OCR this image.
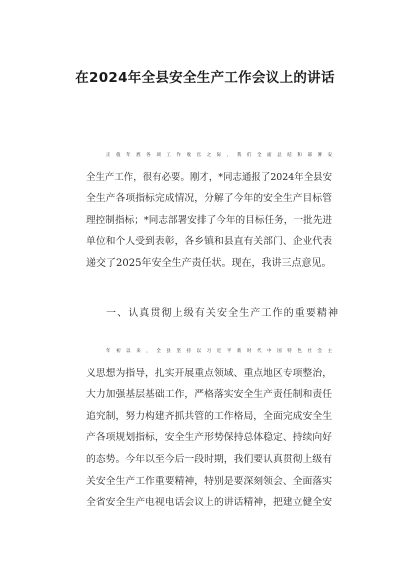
在2024年全县安全生产工作会议上的讲话
正值年底各项工作收官之际，我们全面总结和部署安
全生产工作，很有必要。刚才，*同志通报了2024年全县安
全生产各项指标完成情况，分解了今年的安全生产目标管
理控制指标；*同志部署安排了今年的目标任务，一批先进
单位和个人受到表彰，各乡镇和县直有关部门、企业代表
递交了2025年安全生产责任状。现在，我讲三点意见。
一、认真贯彻上级有关安全生产工作的重要精神
年初以来，全县坚持以习近平新时代中国特色社会主
义思想为指导，扎实开展重点领域、重点地区专项整治，
大力加强基层基础工作，严格落实安全生产责任制和责任
追究制，努力构建齐抓共管的工作格局，全面完成安全生
产各项规划指标，安全生产形势保持总体稳定、持续向好
的态势。今年以至今后一段时期，我们要认真贯彻上级有
关安全生产工作重要精神，特别是要深刻领会、全面落实
全省安全生产电视电话会议上的讲话精神，把建立健全安
